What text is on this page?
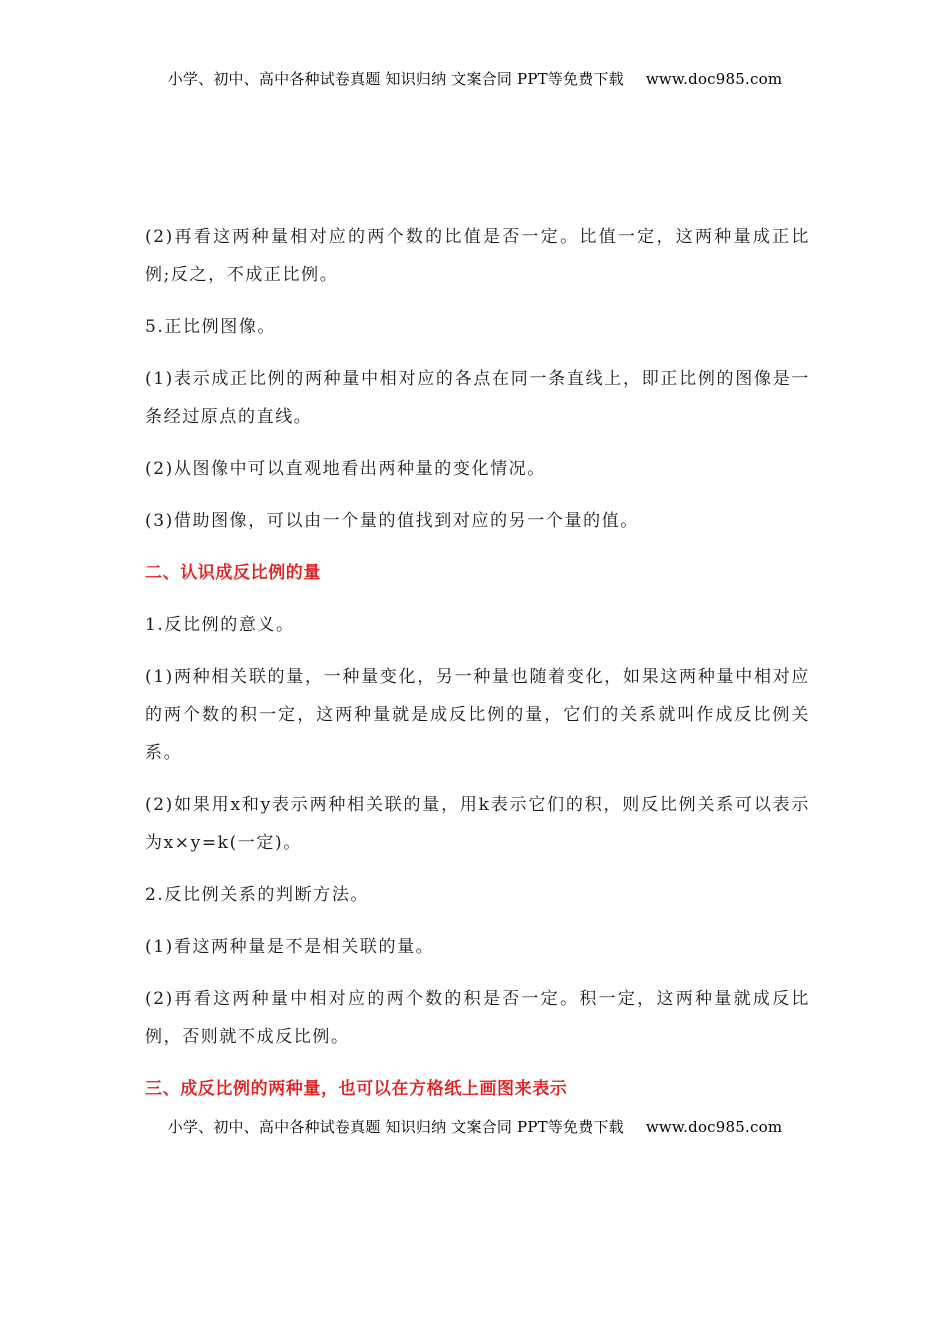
小学、初中、高中各种试卷真题 知识归纳 文案合同 PPT等免费下载 www.doc985.com

(2)再看这两种量相对应的两个数的比值是否一定。比值一定，这两种量成正比例;反之，不成正比例。

5.正比例图像。

(1)表示成正比例的两种量中相对应的各点在同一条直线上，即正比例的图像是一条经过原点的直线。

(2)从图像中可以直观地看出两种量的变化情况。

(3)借助图像，可以由一个量的值找到对应的另一个量的值。

二、认识成反比例的量

1.反比例的意义。

(1)两种相关联的量，一种量变化，另一种量也随着变化，如果这两种量中相对应的两个数的积一定，这两种量就是成反比例的量，它们的关系就叫作成反比例关系。

(2)如果用x和y表示两种相关联的量，用k表示它们的积，则反比例关系可以表示为x×y=k(一定)。

2.反比例关系的判断方法。

(1)看这两种量是不是相关联的量。

(2)再看这两种量中相对应的两个数的积是否一定。积一定，这两种量就成反比例，否则就不成反比例。

三、成反比例的两种量，也可以在方格纸上画图来表示
小学、初中、高中各种试卷真题 知识归纳 文案合同 PPT等免费下载 www.doc985.com
